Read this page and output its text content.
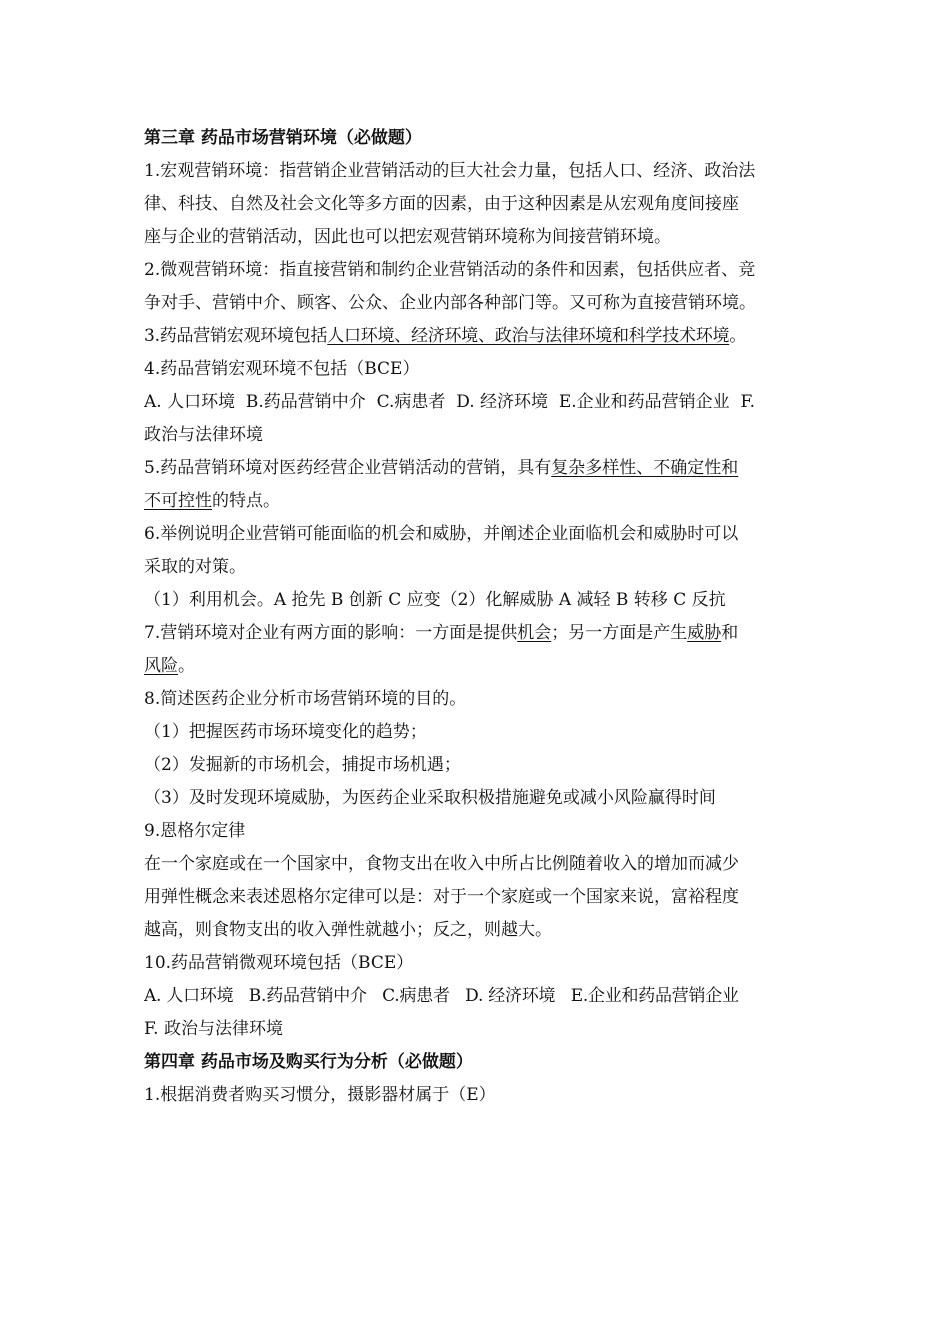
第三章 药品市场营销环境（必做题）
1.宏观营销环境：指营销企业营销活动的巨大社会力量，包括人口、经济、政治法
律、科技、自然及社会文化等多方面的因素，由于这种因素是从宏观角度间接座
座与企业的营销活动，因此也可以把宏观营销环境称为间接营销环境。
2.微观营销环境：指直接营销和制约企业营销活动的条件和因素，包括供应者、竞
争对手、营销中介、顾客、公众、企业内部各种部门等。又可称为直接营销环境。
3.药品营销宏观环境包括人口环境、经济环境、政治与法律环境和科学技术环境。
4.药品营销宏观环境不包括（BCE）
A. 人口环境  B.药品营销中介  C.病患者  D. 经济环境  E.企业和药品营销企业  F.
政治与法律环境
5.药品营销环境对医药经营企业营销活动的营销，具有复杂多样性、不确定性和
不可控性的特点。
6.举例说明企业营销可能面临的机会和威胁，并阐述企业面临机会和威胁时可以
采取的对策。
（1）利用机会。A 抢先 B 创新 C 应变（2）化解威胁 A 减轻 B 转移 C 反抗
7.营销环境对企业有两方面的影响：一方面是提供机会；另一方面是产生威胁和
风险。
8.简述医药企业分析市场营销环境的目的。
（1）把握医药市场环境变化的趋势；
（2）发掘新的市场机会，捕捉市场机遇；
（3）及时发现环境威胁，为医药企业采取积极措施避免或减小风险赢得时间
9.恩格尔定律
在一个家庭或在一个国家中，食物支出在收入中所占比例随着收入的增加而减少
用弹性概念来表述恩格尔定律可以是：对于一个家庭或一个国家来说，富裕程度
越高，则食物支出的收入弹性就越小；反之，则越大。
10.药品营销微观环境包括（BCE）
A. 人口环境   B.药品营销中介   C.病患者   D. 经济环境   E.企业和药品营销企业
F. 政治与法律环境
第四章 药品市场及购买行为分析（必做题）
1.根据消费者购买习惯分，摄影器材属于（E）
